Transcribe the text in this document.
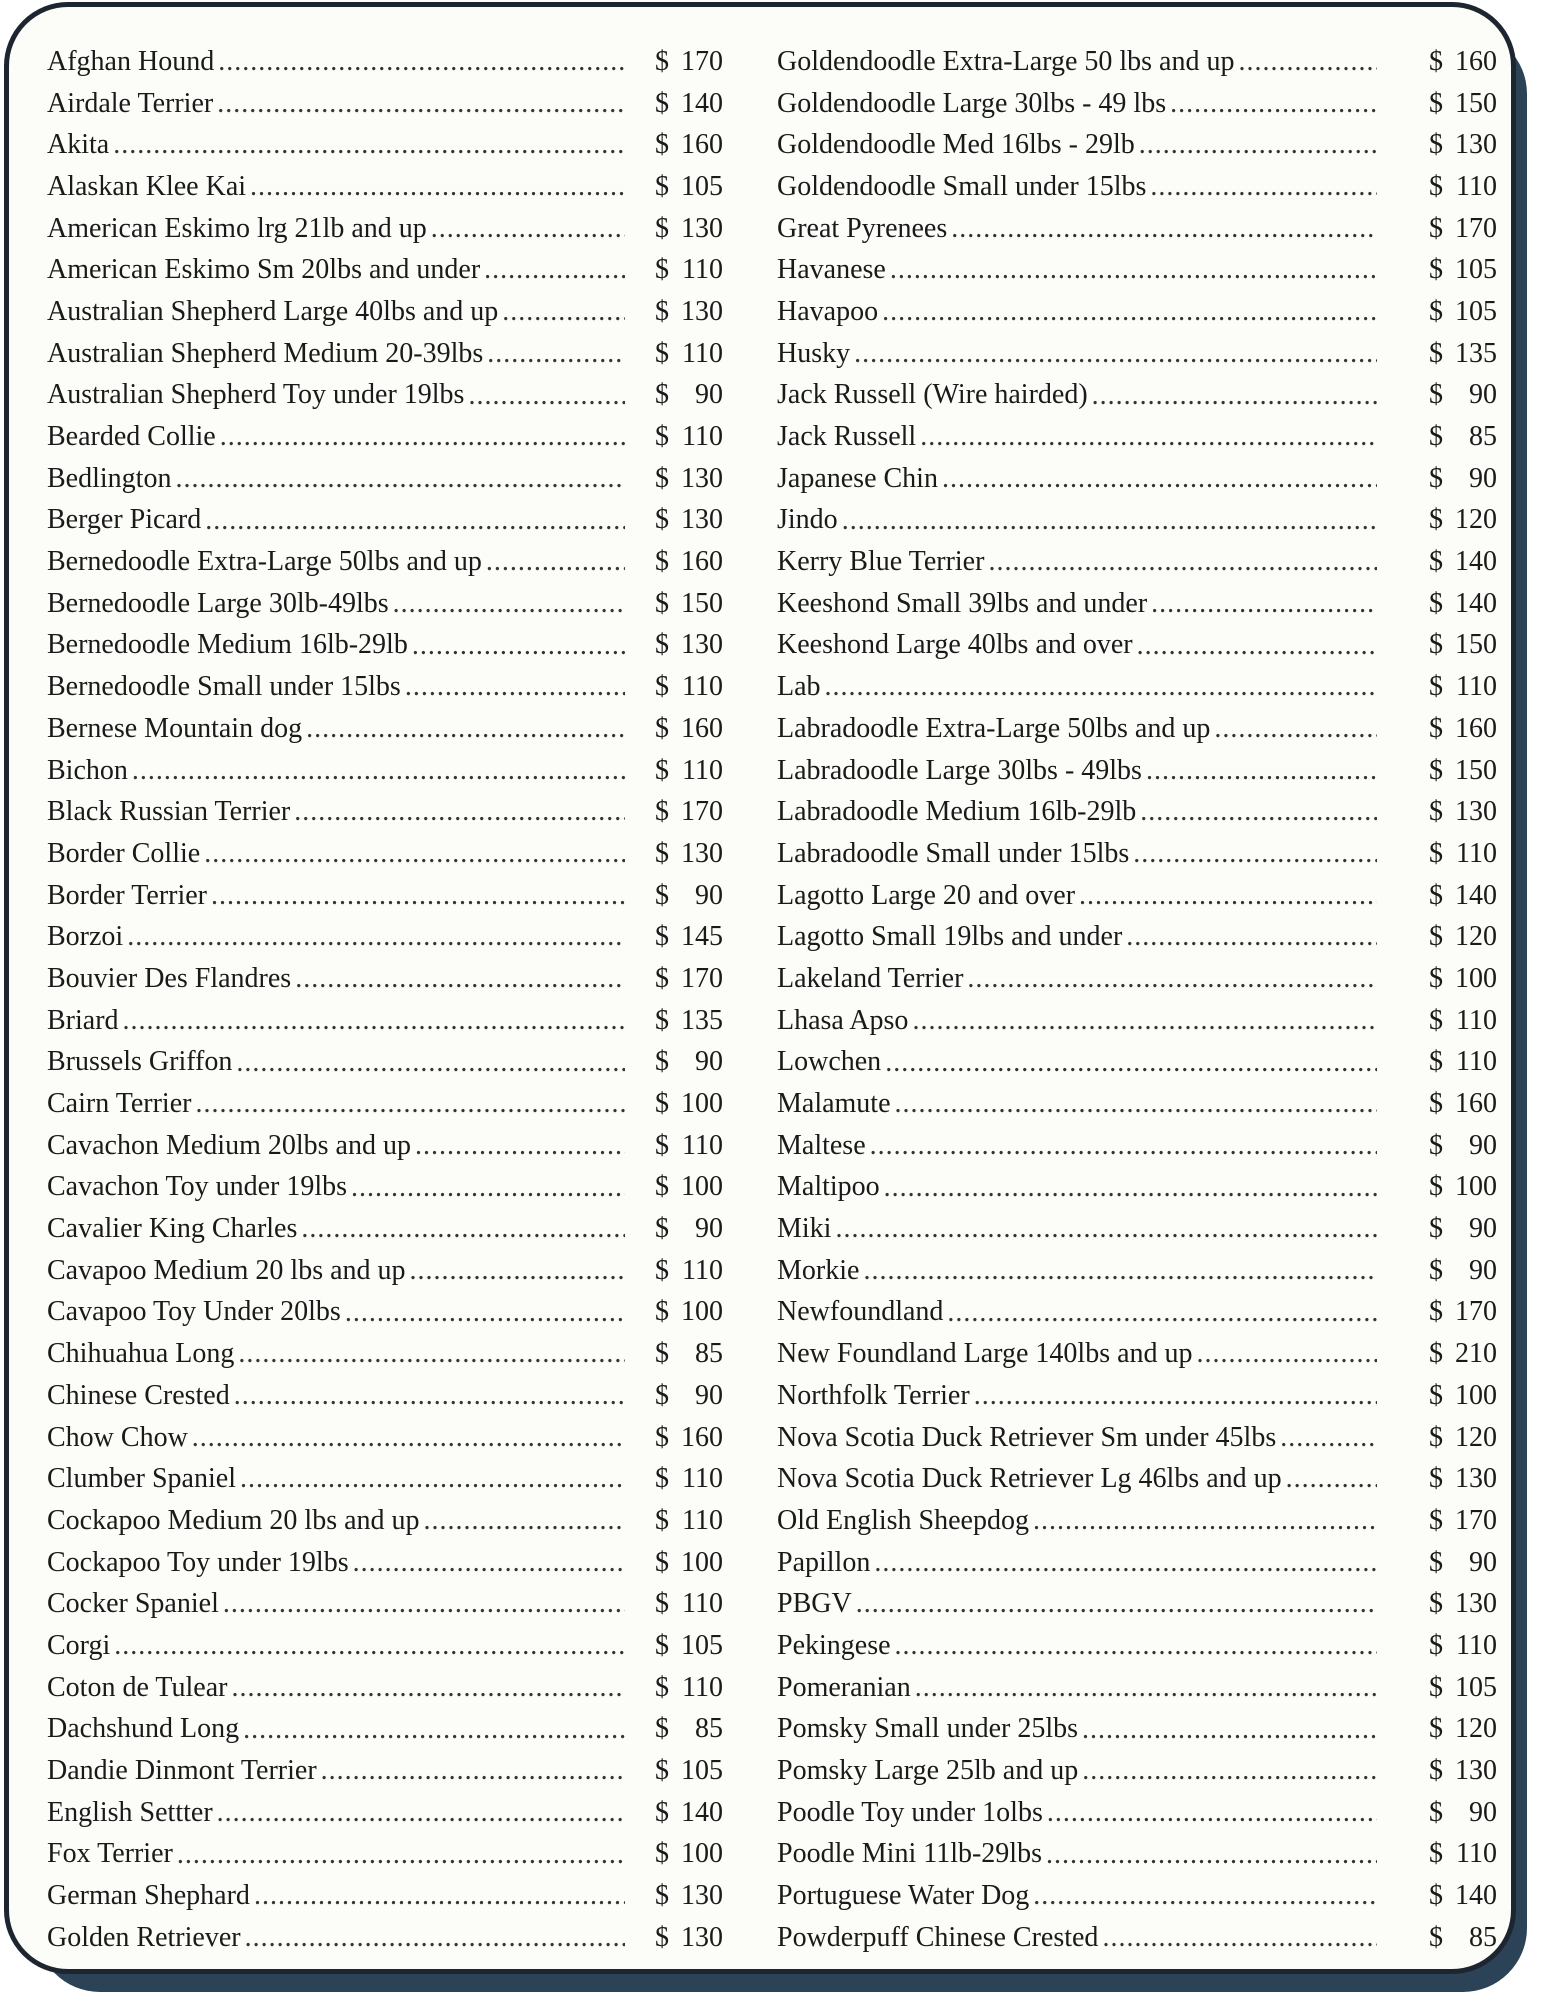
Afghan Hound .....	$ 170
Airdale Terrier .....	$ 140
Akita .....	$ 160
Alaskan Klee Kai .....	$ 105
American Eskimo lrg 21lb and up .....	$ 130
American Eskimo Sm 20lbs and under .....	$ 110
Australian Shepherd Large 40lbs and up .....	$ 130
Australian Shepherd Medium 20-39lbs .....	$ 110
Australian Shepherd Toy under 19lbs .....	$ 90
Bearded Collie .....	$ 110
Bedlington .....	$ 130
Berger Picard .....	$ 130
Bernedoodle Extra-Large 50lbs and up .....	$ 160
Bernedoodle Large 30lb-49lbs .....	$ 150
Bernedoodle Medium 16lb-29lb .....	$ 130
Bernedoodle Small under 15lbs .....	$ 110
Bernese Mountain dog .....	$ 160
Bichon .....	$ 110
Black Russian Terrier .....	$ 170
Border Collie .....	$ 130
Border Terrier .....	$ 90
Borzoi .....	$ 145
Bouvier Des Flandres .....	$ 170
Briard .....	$ 135
Brussels Griffon .....	$ 90
Cairn Terrier .....	$ 100
Cavachon Medium 20lbs and up .....	$ 110
Cavachon Toy under 19lbs .....	$ 100
Cavalier King Charles .....	$ 90
Cavapoo Medium 20 lbs and up .....	$ 110
Cavapoo Toy Under 20lbs .....	$ 100
Chihuahua Long .....	$ 85
Chinese Crested .....	$ 90
Chow Chow .....	$ 160
Clumber Spaniel .....	$ 110
Cockapoo Medium 20 lbs and up .....	$ 110
Cockapoo Toy under 19lbs .....	$ 100
Cocker Spaniel .....	$ 110
Corgi .....	$ 105
Coton de Tulear .....	$ 110
Dachshund Long .....	$ 85
Dandie Dinmont Terrier .....	$ 105
English Settter .....	$ 140
Fox Terrier .....	$ 100
German Shephard .....	$ 130
Golden Retriever .....	$ 130
Goldendoodle Extra-Large 50 lbs and up .....	$ 160
Goldendoodle Large 30lbs - 49 lbs .....	$ 150
Goldendoodle Med 16lbs - 29lb .....	$ 130
Goldendoodle Small under 15lbs .....	$ 110
Great Pyrenees .....	$ 170
Havanese .....	$ 105
Havapoo .....	$ 105
Husky .....	$ 135
Jack Russell (Wire hairded) .....	$ 90
Jack Russell .....	$ 85
Japanese Chin .....	$ 90
Jindo .....	$ 120
Kerry Blue Terrier .....	$ 140
Keeshond Small 39lbs and under .....	$ 140
Keeshond Large 40lbs and over .....	$ 150
Lab .....	$ 110
Labradoodle Extra-Large 50lbs and up .....	$ 160
Labradoodle Large 30lbs - 49lbs .....	$ 150
Labradoodle Medium 16lb-29lb .....	$ 130
Labradoodle Small under 15lbs .....	$ 110
Lagotto Large 20 and over .....	$ 140
Lagotto Small 19lbs and under .....	$ 120
Lakeland Terrier .....	$ 100
Lhasa Apso .....	$ 110
Lowchen .....	$ 110
Malamute .....	$ 160
Maltese .....	$ 90
Maltipoo .....	$ 100
Miki .....	$ 90
Morkie .....	$ 90
Newfoundland .....	$ 170
New Foundland Large 140lbs and up .....	$ 210
Northfolk Terrier .....	$ 100
Nova Scotia Duck Retriever Sm under 45lbs .....	$ 120
Nova Scotia Duck Retriever Lg 46lbs and up .....	$ 130
Old English Sheepdog .....	$ 170
Papillon .....	$ 90
PBGV .....	$ 130
Pekingese .....	$ 110
Pomeranian .....	$ 105
Pomsky Small under 25lbs .....	$ 120
Pomsky Large 25lb and up .....	$ 130
Poodle Toy under 1olbs .....	$ 90
Poodle Mini 11lb-29lbs .....	$ 110
Portuguese Water Dog .....	$ 140
Powderpuff Chinese Crested .....	$ 85
